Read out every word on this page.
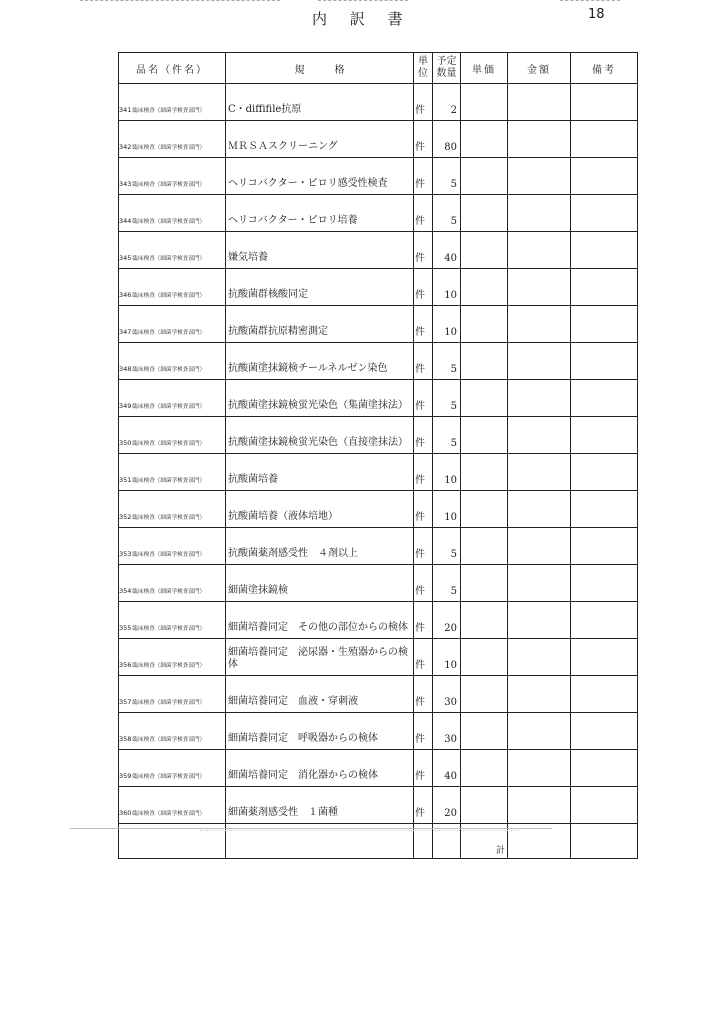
内 訳 書	18
品名（件名）	規　　　格	単位	予定数量	単価	金額	備考
341臨床検査（細菌学検査部門）	C・diffifile抗原	件	2			
342臨床検査（細菌学検査部門）	ＭＲＳＡスクリーニング	件	80			
343臨床検査（細菌学検査部門）	ヘリコバクター・ピロリ感受性検査	件	5			
344臨床検査（細菌学検査部門）	ヘリコバクター・ピロリ培養	件	5			
345臨床検査（細菌学検査部門）	嫌気培養	件	40			
346臨床検査（細菌学検査部門）	抗酸菌群核酸同定	件	10			
347臨床検査（細菌学検査部門）	抗酸菌群抗原精密測定	件	10			
348臨床検査（細菌学検査部門）	抗酸菌塗抹鏡検チールネルゼン染色	件	5			
349臨床検査（細菌学検査部門）	抗酸菌塗抹鏡検蛍光染色（集菌塗抹法）	件	5			
350臨床検査（細菌学検査部門）	抗酸菌塗抹鏡検蛍光染色（直接塗抹法）	件	5			
351臨床検査（細菌学検査部門）	抗酸菌培養	件	10			
352臨床検査（細菌学検査部門）	抗酸菌培養（液体培地）	件	10			
353臨床検査（細菌学検査部門）	抗酸菌薬剤感受性　４剤以上	件	5			
354臨床検査（細菌学検査部門）	細菌塗抹鏡検	件	5			
355臨床検査（細菌学検査部門）	細菌培養同定　その他の部位からの検体	件	20			
356臨床検査（細菌学検査部門）	細菌培養同定　泌尿器・生殖器からの検体	件	10			
357臨床検査（細菌学検査部門）	細菌培養同定　血液・穿刺液	件	30			
358臨床検査（細菌学検査部門）	細菌培養同定　呼吸器からの検体	件	30			
359臨床検査（細菌学検査部門）	細菌培養同定　消化器からの検体	件	40			
360臨床検査（細菌学検査部門）	細菌薬剤感受性　１菌種	件	20			
				計		
